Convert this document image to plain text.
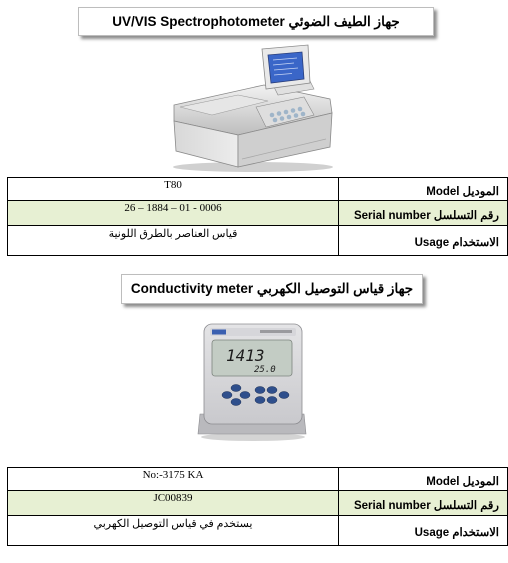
جهاز الطيف الضوئي UV/VIS Spectrophotometer
T80	الموديل Model
26 – 1884 – 01 - 0006	رقم التسلسل Serial number
قياس العناصر بالطرق اللونية	الاستخدام Usage
جهاز قياس التوصيل الكهربي Conductivity meter
1413
25.0
No:-3175 KA	الموديل Model
JC00839	رقم التسلسل Serial number
يستخدم في قياس التوصيل الكهربي	الاستخدام Usage
